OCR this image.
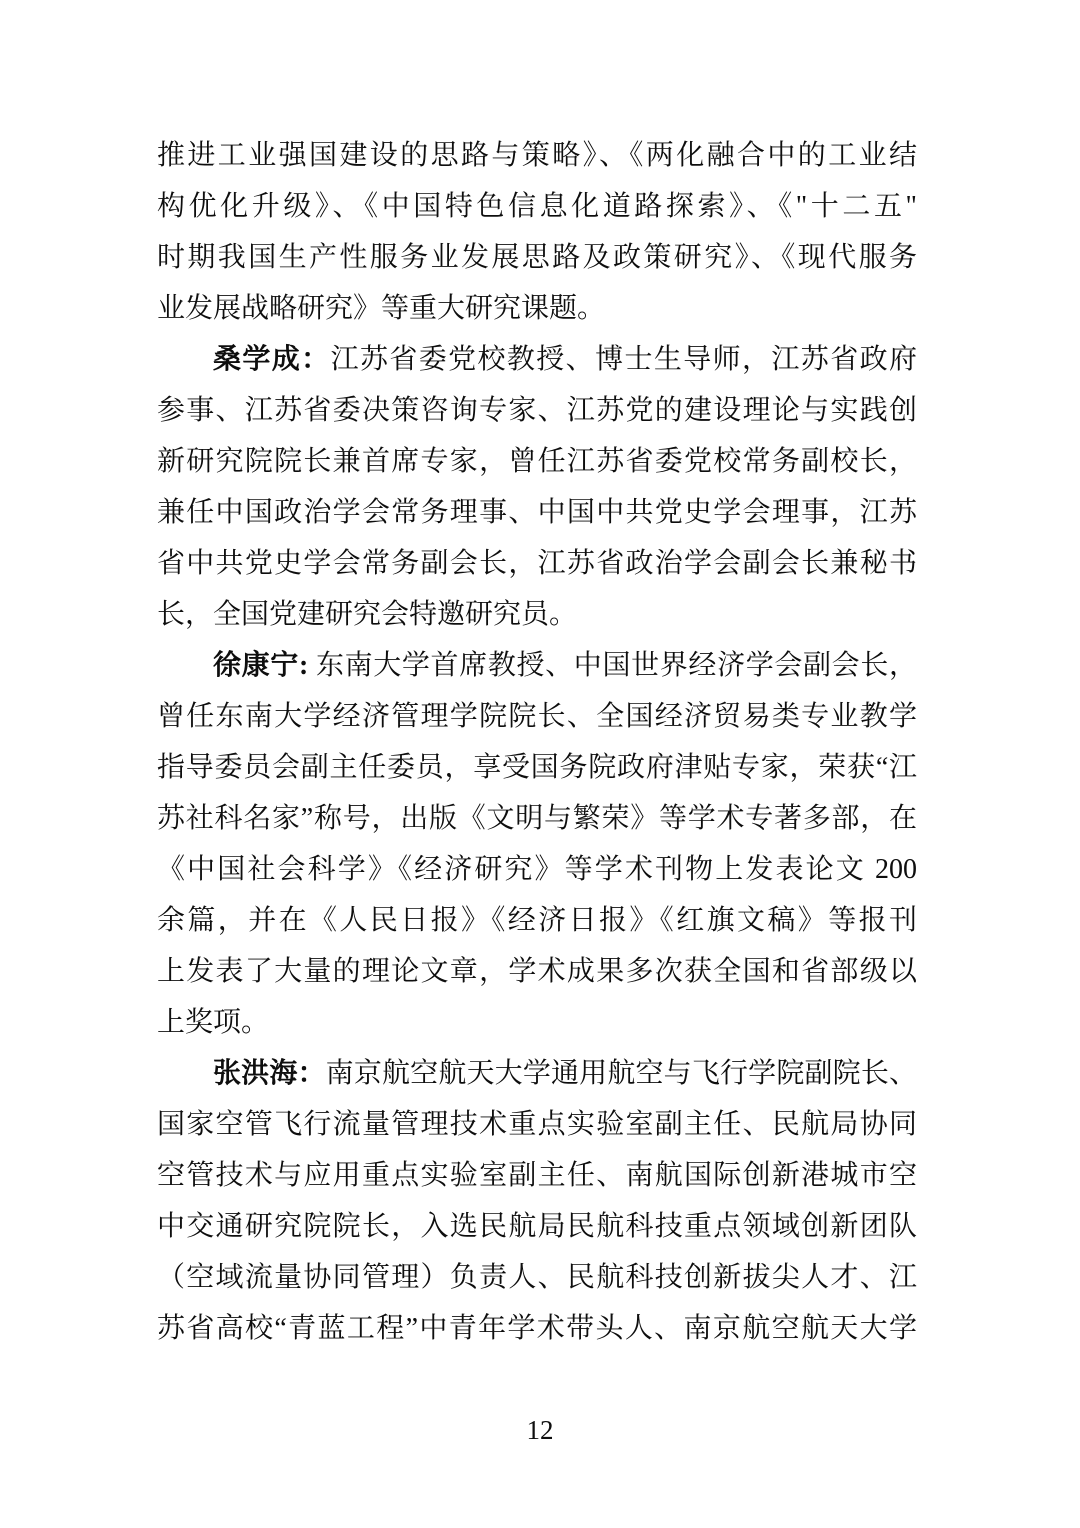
推进工业强国建设的思路与策略》、《两化融合中的工业结
构优化升级》、《中国特色信息化道路探索》、《"十二五"
时期我国生产性服务业发展思路及政策研究》、《现代服务
业发展战略研究》等重大研究课题。
桑学成：江苏省委党校教授、博士生导师，江苏省政府
参事、江苏省委决策咨询专家、江苏党的建设理论与实践创
新研究院院长兼首席专家，曾任江苏省委党校常务副校长，
兼任中国政治学会常务理事、中国中共党史学会理事，江苏
省中共党史学会常务副会长，江苏省政治学会副会长兼秘书
长，全国党建研究会特邀研究员。
徐康宁: 东南大学首席教授、中国世界经济学会副会长，
曾任东南大学经济管理学院院长、全国经济贸易类专业教学
指导委员会副主任委员，享受国务院政府津贴专家，荣获“江
苏社科名家”称号，出版《文明与繁荣》等学术专著多部，在
《中国社会科学》《经济研究》等学术刊物上发表论文 200
余篇，并在《人民日报》《经济日报》《红旗文稿》等报刊
上发表了大量的理论文章，学术成果多次获全国和省部级以
上奖项。
张洪海：南京航空航天大学通用航空与飞行学院副院长、
国家空管飞行流量管理技术重点实验室副主任、民航局协同
空管技术与应用重点实验室副主任、南航国际创新港城市空
中交通研究院院长，入选民航局民航科技重点领域创新团队
（空域流量协同管理）负责人、民航科技创新拔尖人才、江
苏省高校“青蓝工程”中青年学术带头人、南京航空航天大学
12
